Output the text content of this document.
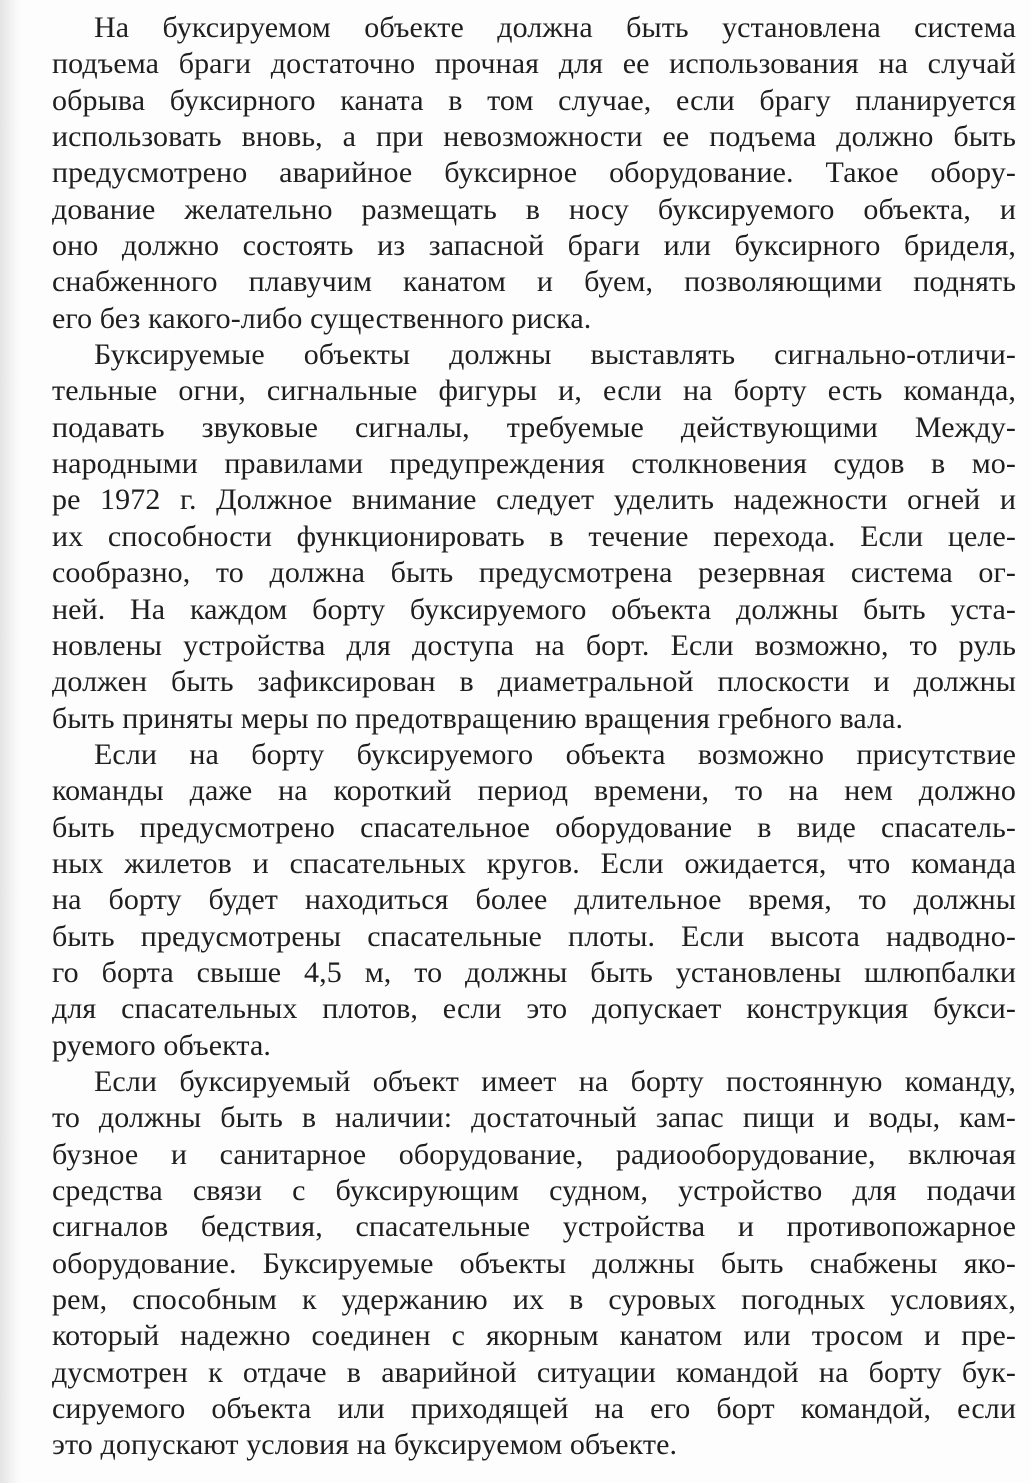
На буксируемом объекте должна быть установлена система
подъема браги достаточно прочная для ее использования на случай
обрыва буксирного каната в том случае, если брагу планируется
использовать вновь, а при невозможности ее подъема должно быть
предусмотрено аварийное буксирное оборудование. Такое обору-
дование желательно размещать в носу буксируемого объекта, и
оно должно состоять из запасной браги или буксирного бриделя,
снабженного плавучим канатом и буем, позволяющими поднять
его без какого-либо существенного риска.
Буксируемые объекты должны выставлять сигнально-отличи-
тельные огни, сигнальные фигуры и, если на борту есть команда,
подавать звуковые сигналы, требуемые действующими Между-
народными правилами предупреждения столкновения судов в мо-
ре 1972 г. Должное внимание следует уделить надежности огней и
их способности функционировать в течение перехода. Если целе-
сообразно, то должна быть предусмотрена резервная система ог-
ней. На каждом борту буксируемого объекта должны быть уста-
новлены устройства для доступа на борт. Если возможно, то руль
должен быть зафиксирован в диаметральной плоскости и должны
быть приняты меры по предотвращению вращения гребного вала.
Если на борту буксируемого объекта возможно присутствие
команды даже на короткий период времени, то на нем должно
быть предусмотрено спасательное оборудование в виде спасатель-
ных жилетов и спасательных кругов. Если ожидается, что команда
на борту будет находиться более длительное время, то должны
быть предусмотрены спасательные плоты. Если высота надводно-
го борта свыше 4,5 м, то должны быть установлены шлюпбалки
для спасательных плотов, если это допускает конструкция букси-
руемого объекта.
Если буксируемый объект имеет на борту постоянную команду,
то должны быть в наличии: достаточный запас пищи и воды, кам-
бузное и санитарное оборудование, радиооборудование, включая
средства связи с буксирующим судном, устройство для подачи
сигналов бедствия, спасательные устройства и противопожарное
оборудование. Буксируемые объекты должны быть снабжены яко-
рем, способным к удержанию их в суровых погодных условиях,
который надежно соединен с якорным канатом или тросом и пре-
дусмотрен к отдаче в аварийной ситуации командой на борту бук-
сируемого объекта или приходящей на его борт командой, если
это допускают условия на буксируемом объекте.
